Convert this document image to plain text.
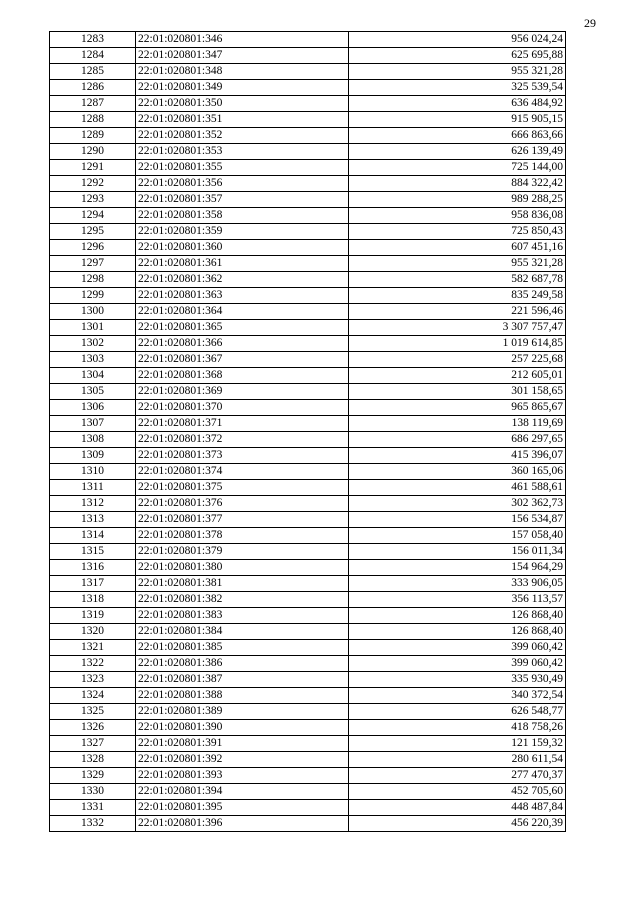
29
1283	22:01:020801:346	956 024,24
1284	22:01:020801:347	625 695,88
1285	22:01:020801:348	955 321,28
1286	22:01:020801:349	325 539,54
1287	22:01:020801:350	636 484,92
1288	22:01:020801:351	915 905,15
1289	22:01:020801:352	666 863,66
1290	22:01:020801:353	626 139,49
1291	22:01:020801:355	725 144,00
1292	22:01:020801:356	884 322,42
1293	22:01:020801:357	989 288,25
1294	22:01:020801:358	958 836,08
1295	22:01:020801:359	725 850,43
1296	22:01:020801:360	607 451,16
1297	22:01:020801:361	955 321,28
1298	22:01:020801:362	582 687,78
1299	22:01:020801:363	835 249,58
1300	22:01:020801:364	221 596,46
1301	22:01:020801:365	3 307 757,47
1302	22:01:020801:366	1 019 614,85
1303	22:01:020801:367	257 225,68
1304	22:01:020801:368	212 605,01
1305	22:01:020801:369	301 158,65
1306	22:01:020801:370	965 865,67
1307	22:01:020801:371	138 119,69
1308	22:01:020801:372	686 297,65
1309	22:01:020801:373	415 396,07
1310	22:01:020801:374	360 165,06
1311	22:01:020801:375	461 588,61
1312	22:01:020801:376	302 362,73
1313	22:01:020801:377	156 534,87
1314	22:01:020801:378	157 058,40
1315	22:01:020801:379	156 011,34
1316	22:01:020801:380	154 964,29
1317	22:01:020801:381	333 906,05
1318	22:01:020801:382	356 113,57
1319	22:01:020801:383	126 868,40
1320	22:01:020801:384	126 868,40
1321	22:01:020801:385	399 060,42
1322	22:01:020801:386	399 060,42
1323	22:01:020801:387	335 930,49
1324	22:01:020801:388	340 372,54
1325	22:01:020801:389	626 548,77
1326	22:01:020801:390	418 758,26
1327	22:01:020801:391	121 159,32
1328	22:01:020801:392	280 611,54
1329	22:01:020801:393	277 470,37
1330	22:01:020801:394	452 705,60
1331	22:01:020801:395	448 487,84
1332	22:01:020801:396	456 220,39
